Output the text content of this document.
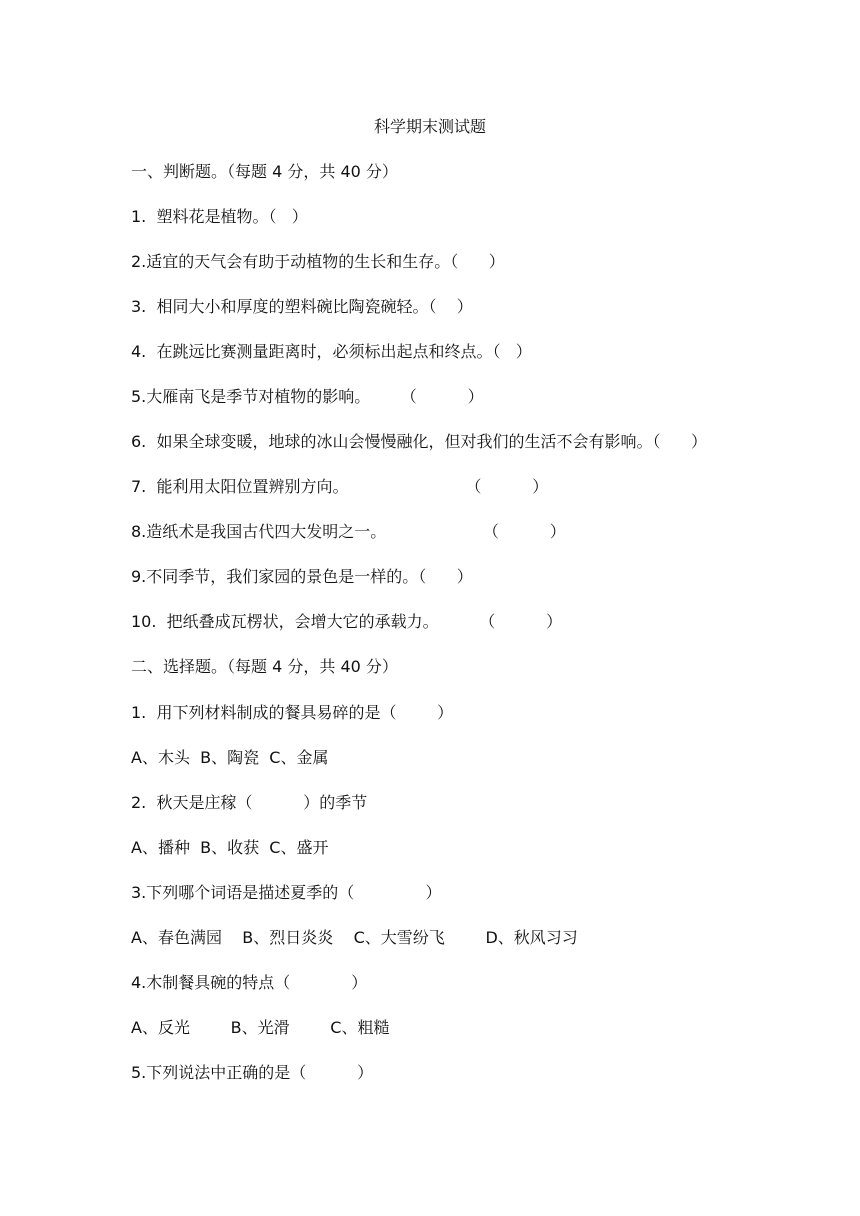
科学期末测试题
一、判断题。（每题 4 分，共 40 分）
1.  塑料花是植物。（   ）
2.适宜的天气会有助于动植物的生长和生存。（      ）
3.  相同大小和厚度的塑料碗比陶瓷碗轻。（    ）
4.  在跳远比赛测量距离时，必须标出起点和终点。（   ）
5.大雁南飞是季节对植物的影响。      （          ）
6.  如果全球变暖，地球的冰山会慢慢融化，但对我们的生活不会有影响。（      ）
7.  能利用太阳位置辨别方向。                       （          ）
8.造纸术是我国古代四大发明之一。                   （          ）
9.不同季节，我们家园的景色是一样的。（      ）
10.  把纸叠成瓦楞状，会增大它的承载力。        （          ）
二、选择题。（每题 4 分，共 40 分）
1.  用下列材料制成的餐具易碎的是（        ）
A、木头  B、陶瓷  C、金属
2.  秋天是庄稼（          ）的季节
A、播种  B、收获  C、盛开
3.下列哪个词语是描述夏季的（              ）
A、春色满园    B、烈日炎炎    C、大雪纷飞        D、秋风习习
4.木制餐具碗的特点（            ）
A、反光        B、光滑        C、粗糙
5.下列说法中正确的是（          ）
